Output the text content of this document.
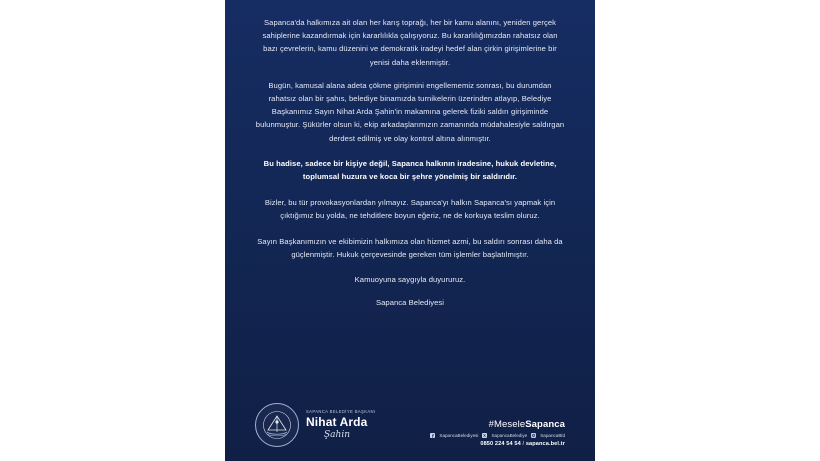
Sapanca'da halkımıza ait olan her karış toprağı, her bir kamu alanını, yeniden gerçek sahiplerine kazandırmak için kararlılıkla çalışıyoruz. Bu kararlılığımızdan rahatsız olan bazı çevrelerin, kamu düzenini ve demokratik iradeyi hedef alan çirkin girişimlerine bir yenisi daha eklenmiştir.

Bugün, kamusal alana adeta çökme girişimini engellememiz sonrası, bu durumdan rahatsız olan bir şahıs, belediye binamızda turnikelerin üzerinden atlayıp, Belediye Başkanımız Sayın Nihat Arda Şahin'in makamına gelerek fiziki saldırı girişiminde bulunmuştur. Şükürler olsun ki, ekip arkadaşlarımızın zamanında müdahalesiyle saldırgan derdest edilmiş ve olay kontrol altına alınmıştır.

Bu hadise, sadece bir kişiye değil, Sapanca halkının iradesine, hukuk devletine, toplumsal huzura ve koca bir şehre yönelmiş bir saldırıdır.

Bizler, bu tür provokasyonlardan yılmayız. Sapanca'yı halkın Sapanca'sı yapmak için çıktığımız bu yolda, ne tehditlere boyun eğeriz, ne de korkuya teslim oluruz.

Sayın Başkanımızın ve ekibimizin halkımıza olan hizmet azmi, bu saldırı sonrası daha da güçlenmiştir. Hukuk çerçevesinde gereken tüm işlemler başlatılmıştır.

Kamuoyuna saygıyla duyururuz.

Sapanca Belediyesi

SAPANCA BELEDİYE BAŞKANI
Nihat Arda
Şahin
#MeseleSapanca
SapancaBelediyesi	SapancaBelediye	SapancaBld
0850 224 54 54 / sapanca.bel.tr
